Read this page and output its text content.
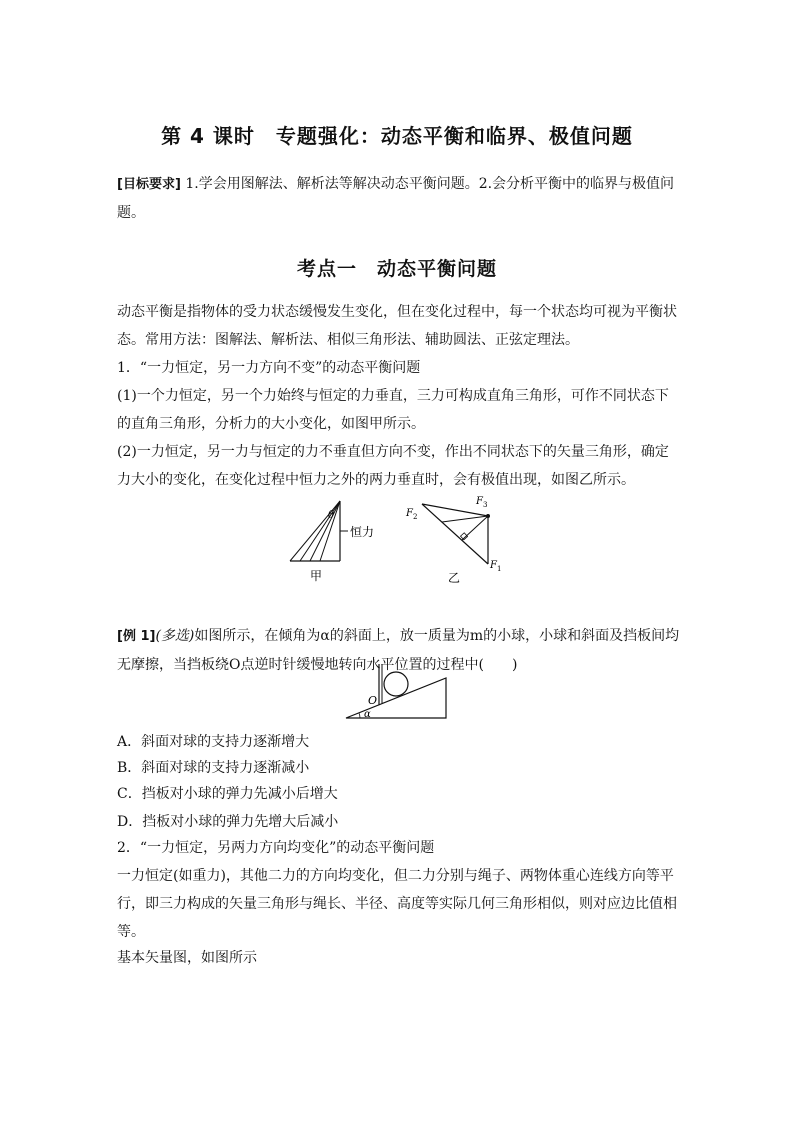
第 4 课时　专题强化：动态平衡和临界、极值问题
[目标要求] 1.学会用图解法、解析法等解决动态平衡问题。2.会分析平衡中的临界与极值问题。
考点一　动态平衡问题
动态平衡是指物体的受力状态缓慢发生变化，但在变化过程中，每一个状态均可视为平衡状态。常用方法：图解法、解析法、相似三角形法、辅助圆法、正弦定理法。
1．“一力恒定，另一力方向不变”的动态平衡问题
(1)一个力恒定，另一个力始终与恒定的力垂直，三力可构成直角三角形，可作不同状态下的直角三角形，分析力的大小变化，如图甲所示。
(2)一力恒定，另一力与恒定的力不垂直但方向不变，作出不同状态下的矢量三角形，确定力大小的变化，在变化过程中恒力之外的两力垂直时，会有极值出现，如图乙所示。
θ
恒力
甲
$F_2$
$F_3$
$F_1$
乙
[例 1](多选)如图所示，在倾角为α的斜面上，放一质量为m的小球，小球和斜面及挡板间均无摩擦，当挡板绕O点逆时针缓慢地转向水平位置的过程中(　　)
O
α
A．斜面对球的支持力逐渐增大
B．斜面对球的支持力逐渐减小
C．挡板对小球的弹力先减小后增大
D．挡板对小球的弹力先增大后减小
2．“一力恒定，另两力方向均变化”的动态平衡问题
一力恒定(如重力)，其他二力的方向均变化，但二力分别与绳子、两物体重心连线方向等平行，即三力构成的矢量三角形与绳长、半径、高度等实际几何三角形相似，则对应边比值相等。
基本矢量图，如图所示
